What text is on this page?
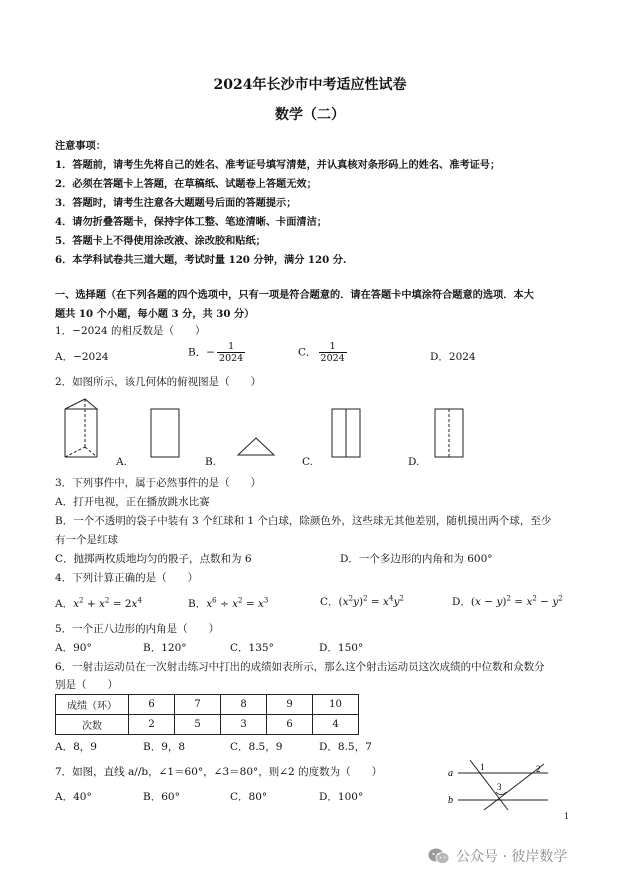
2024年长沙市中考适应性试卷
数学（二）
注意事项：
1．答题前，请考生先将自己的姓名、准考证号填写清楚，并认真核对条形码上的姓名、准考证号；
2．必须在答题卡上答题，在草稿纸、试题卷上答题无效；
3．答题时，请考生注意各大题题号后面的答题提示；
4．请勿折叠答题卡，保持字体工整、笔迹清晰、卡面清洁；
5．答题卡上不得使用涂改液、涂改胶和贴纸；
6．本学科试卷共三道大题，考试时量 120 分钟，满分 120 分.
一、选择题（在下列各题的四个选项中，只有一项是符合题意的．请在答题卡中填涂符合题意的选项．本大
题共 10 个小题，每小题 3 分，共 30 分）
1．−2024 的相反数是（　　）
A．−2024	B．− $\frac{1}{2024}$	C． $\frac{1}{2024}$	D．2024
2．如图所示，该几何体的俯视图是（　　）
A.	B.	C.	D.
3．下列事件中，属于必然事件的是（　　）
A．打开电视，正在播放跳水比赛
B．一个不透明的袋子中装有 3 个红球和 1 个白球，除颜色外，这些球无其他差别，随机摸出两个球，至少
有一个是红球
C．抛掷两枚质地均匀的骰子，点数和为 6	D．一个多边形的内角和为 600°
4．下列计算正确的是（　　）
A．$x^2 + x^2 = 2x^4$	B．$x^6 \div x^2 = x^3$	C．$(x^2y)^2 = x^4y^2$	D．$(x - y)^2 = x^2 - y^2$
5．一个正八边形的内角是（　　）
A．90°	B．120°	C．135°	D．150°
6．一射击运动员在一次射击练习中打出的成绩如表所示，那么这个射击运动员这次成绩的中位数和众数分
别是（　　）
成绩（环）	6	7	8	9	10
次数	2	5	3	6	4
A．8，9	B．9，8	C．8.5，9	D．8.5，7
7．如图，直线 a//b，∠1＝60°，∠3＝80°，则∠2 的度数为（　　）
A．40°	B．60°	C．80°	D．100°
a
b
1	2
3
1
公众号 · 彼岸数学
